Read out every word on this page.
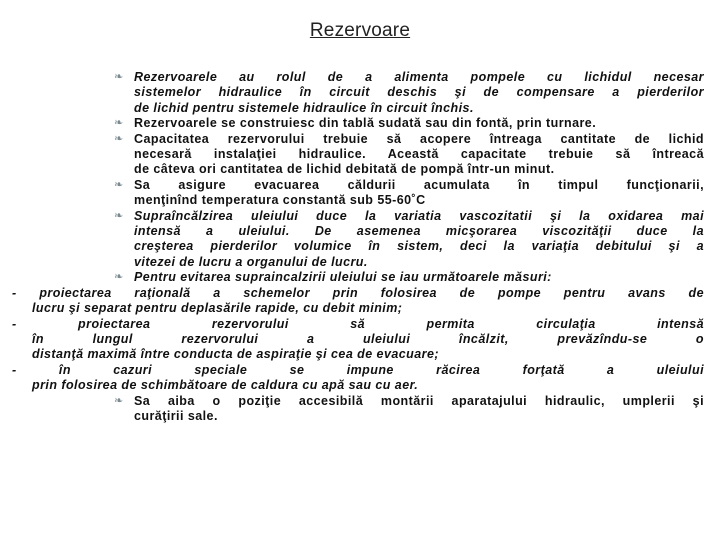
Rezervoare
❧ Rezervoarele au rolul de a alimenta pompele cu lichidul necesar
sistemelor hidraulice în circuit deschis şi de compensare a pierderilor
de lichid pentru sistemele hidraulice în circuit închis.
❧ Rezervoarele se construiesc din tablă sudată sau din fontă, prin turnare.
❧ Capacitatea rezervorului trebuie să acopere întreaga cantitate de lichid
necesară instalaţiei hidraulice. Această capacitate trebuie să întreacă
de câteva ori cantitatea de lichid debitată de pompă într-un minut.
❧ Sa asigure evacuarea căldurii acumulata în timpul funcţionarii,
menţinînd temperatura constantă sub 55-60˚C
❧ Supraîncălzirea uleiului duce la variatia vascozitatii şi la oxidarea mai
intensă a uleiului. De asemenea micşorarea viscozităţii duce la
creşterea pierderilor volumice în sistem, deci la variaţia debitului şi a
vitezei de lucru a organului de lucru.
❧ Pentru evitarea supraincalzirii uleiului se iau următoarele măsuri:
- proiectarea raţională a schemelor prin folosirea de pompe pentru avans de
lucru şi separat pentru deplasările rapide, cu debit minim;
- proiectarea rezervorului să permita circulaţia intensă
în lungul rezervorului a uleiului încălzit, prevăzîndu-se o
distanţă maximă între conducta de aspiraţie şi cea de evacuare;
- în cazuri speciale se impune răcirea forţată a uleiului
prin folosirea de schimbătoare de caldura cu apă sau cu aer.
❧ Sa aiba o poziţie accesibilă montării aparatajului hidraulic, umplerii şi
curăţirii sale.
